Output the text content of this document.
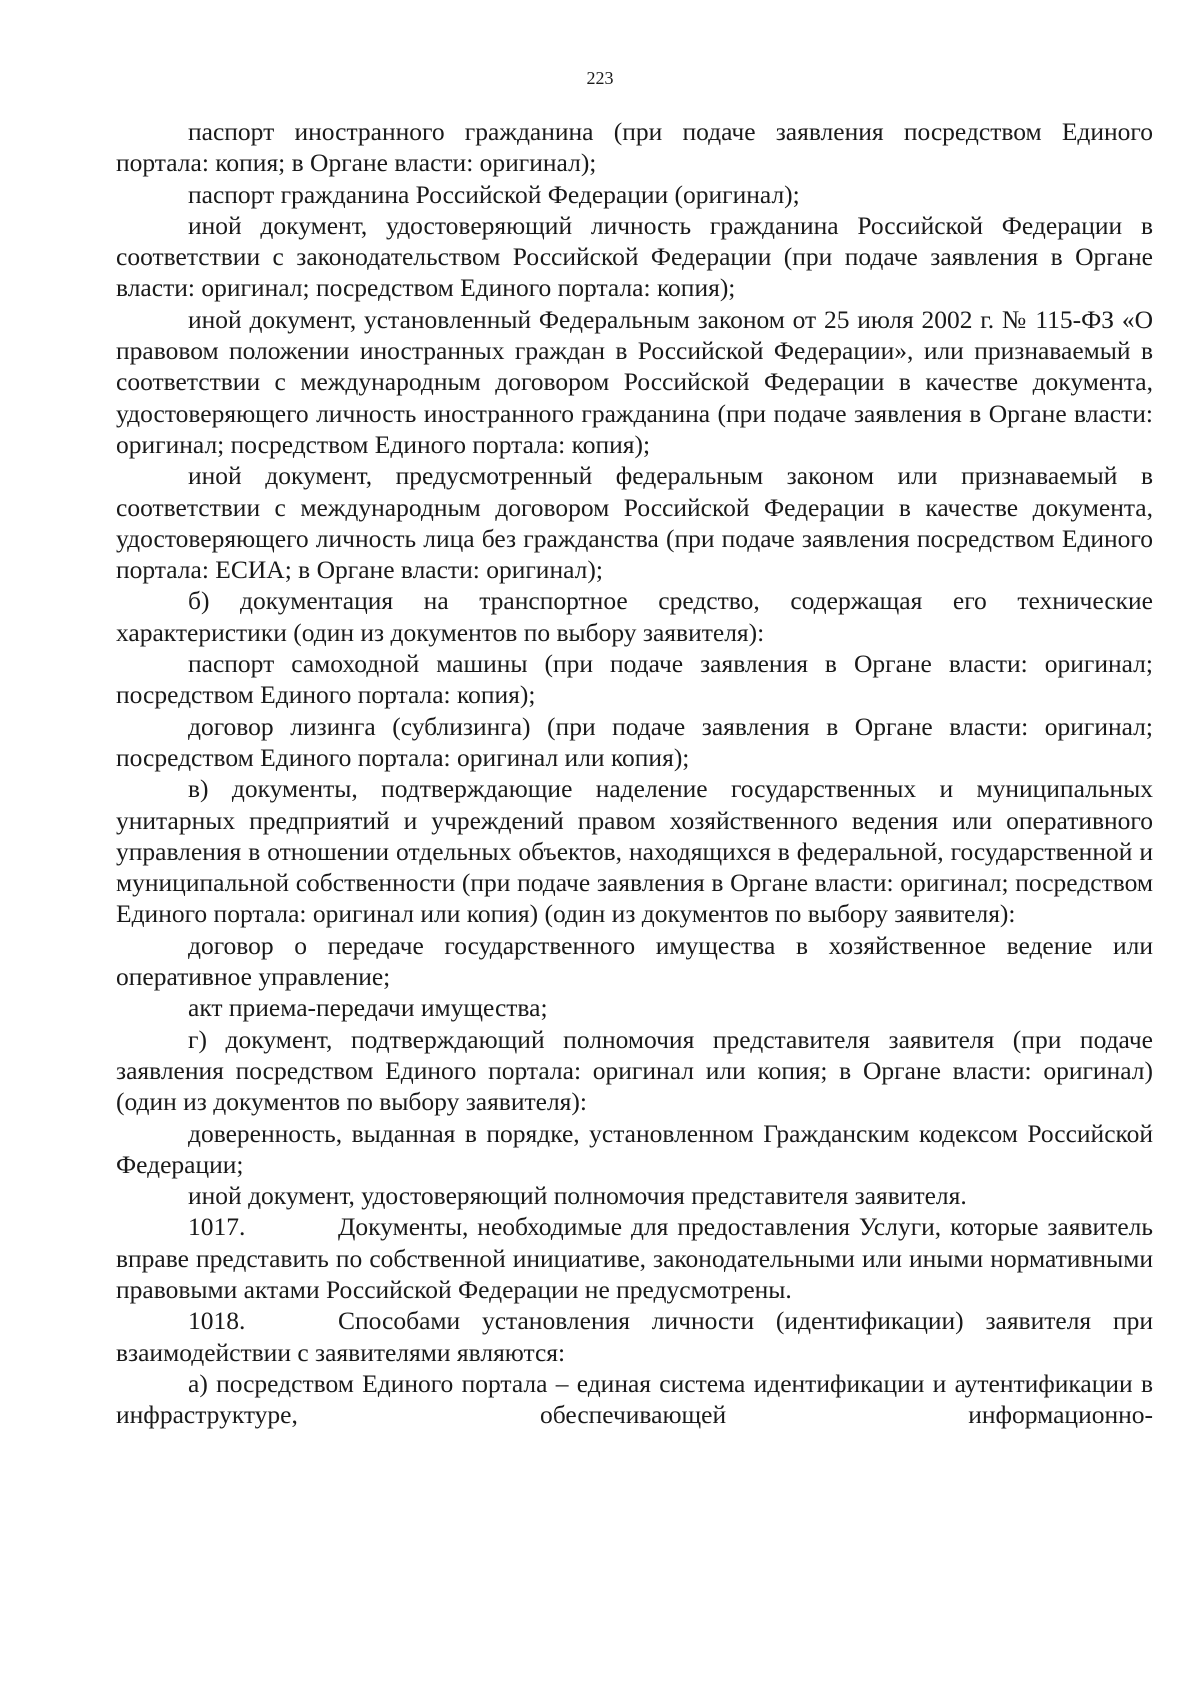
223

паспорт иностранного гражданина (при подаче заявления посредством Единого портала: копия; в Органе власти: оригинал);

паспорт гражданина Российской Федерации (оригинал);

иной документ, удостоверяющий личность гражданина Российской Федерации в соответствии с законодательством Российской Федерации (при подаче заявления в Органе власти: оригинал; посредством Единого портала: копия);

иной документ, установленный Федеральным законом от 25 июля 2002 г. № 115-ФЗ «О правовом положении иностранных граждан в Российской Федерации», или признаваемый в соответствии с международным договором Российской Федерации в качестве документа, удостоверяющего личность иностранного гражданина (при подаче заявления в Органе власти: оригинал; посредством Единого портала: копия);

иной документ, предусмотренный федеральным законом или признаваемый в соответствии с международным договором Российской Федерации в качестве документа, удостоверяющего личность лица без гражданства (при подаче заявления посредством Единого портала: ЕСИА; в Органе власти: оригинал);

б) документация на транспортное средство, содержащая его технические характеристики (один из документов по выбору заявителя):

паспорт самоходной машины (при подаче заявления в Органе власти: оригинал; посредством Единого портала: копия);

договор лизинга (сублизинга) (при подаче заявления в Органе власти: оригинал; посредством Единого портала: оригинал или копия);

в) документы, подтверждающие наделение государственных и муниципальных унитарных предприятий и учреждений правом хозяйственного ведения или оперативного управления в отношении отдельных объектов, находящихся в федеральной, государственной и муниципальной собственности (при подаче заявления в Органе власти: оригинал; посредством Единого портала: оригинал или копия) (один из документов по выбору заявителя):

договор о передаче государственного имущества в хозяйственное ведение или оперативное управление;

акт приема-передачи имущества;

г) документ, подтверждающий полномочия представителя заявителя (при подаче заявления посредством Единого портала: оригинал или копия; в Органе власти: оригинал) (один из документов по выбору заявителя):

доверенность, выданная в порядке, установленном Гражданским кодексом Российской Федерации;

иной документ, удостоверяющий полномочия представителя заявителя.

1017.	Документы, необходимые для предоставления Услуги, которые заявитель вправе представить по собственной инициативе, законодательными или иными нормативными правовыми актами Российской Федерации не предусмотрены.

1018.	Способами установления личности (идентификации) заявителя при взаимодействии с заявителями являются:

а) посредством Единого портала – единая система идентификации и аутентификации в инфраструктуре, обеспечивающей информационно-
